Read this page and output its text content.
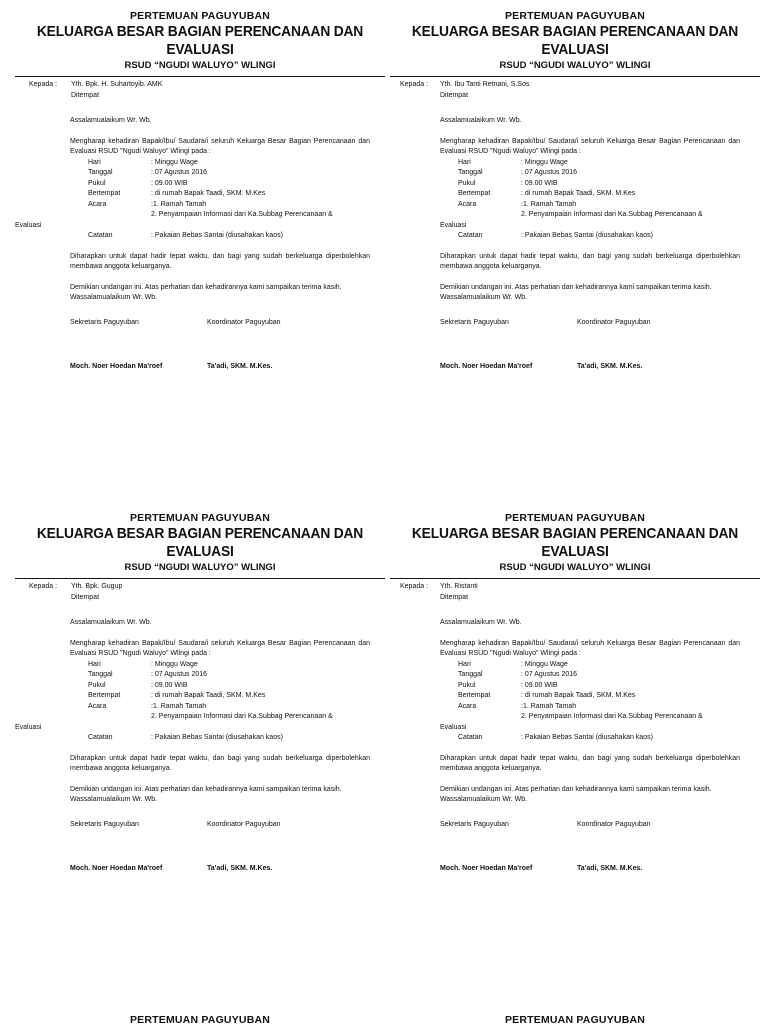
PERTEMUAN PAGUYUBAN
KELUARGA BESAR BAGIAN PERENCANAAN DAN EVALUASI
RSUD “NGUDI WALUYO” WLINGI
Kepada : Yth. Bpk. H. Suhartoyib. AMK
Ditempat
Assalamualaikum Wr. Wb.
Mengharap kehadiran Bapak/Ibu/ Saudara/i seluruh Keluarga Besar Bagian Perencanaan dan Evaluasi RSUD "Ngudi Waluyo" Wlingi pada :
Hari	: Minggu Wage
Tanggal	: 07 Agustus 2016
Pukul	: 09.00 WIB
Bertempat	: di rumah Bapak Taadi, SKM. M.Kes
Acara	:1. Ramah Tamah
2. Penyampaian Informasi dari Ka.Subbag Perencanaan &
Evaluasi
Catatan	: Pakaian Bebas Santai (diusahakan kaos)
Diharapkan untuk dapat hadir tepat waktu, dan bagi yang sudah berkeluarga diperbolehkan membawa anggota keluarganya.
Demikian undangan ini. Atas perhatian dan kehadirannya kami sampaikan terima kasih.
Wassalamualaikum Wr. Wb.
Sekretaris Paguyuban	Koordinator Paguyuban
Moch. Noer Hoedan Ma'roef	Ta'adi, SKM. M.Kes.
PERTEMUAN PAGUYUBAN
KELUARGA BESAR BAGIAN PERENCANAAN DAN EVALUASI
RSUD “NGUDI WALUYO” WLINGI
Kepada : Yth. Ibu Tanti Retnani, S.Sos
Ditempat
Assalamualaikum Wr. Wb.
Mengharap kehadiran Bapak/Ibu/ Saudara/i seluruh Keluarga Besar Bagian Perencanaan dan Evaluasi RSUD "Ngudi Waluyo" Wlingi pada :
Hari	: Minggu Wage
Tanggal	: 07 Agustus 2016
Pukul	: 09.00 WIB
Bertempat	: di rumah Bapak Taadi, SKM. M.Kes
Acara	:1. Ramah Tamah
2. Penyampaian Informasi dari Ka.Subbag Perencanaan &
Evaluasi
Catatan	: Pakaian Bebas Santai (diusahakan kaos)
Diharapkan untuk dapat hadir tepat waktu, dan bagi yang sudah berkeluarga diperbolehkan membawa anggota keluarganya.
Demikian undangan ini. Atas perhatian dan kehadirannya kami sampaikan terima kasih.
Wassalamualaikum Wr. Wb.
Sekretaris Paguyuban	Koordinator Paguyuban
Moch. Noer Hoedan Ma'roef	Ta'adi, SKM. M.Kes.
PERTEMUAN PAGUYUBAN
KELUARGA BESAR BAGIAN PERENCANAAN DAN EVALUASI
RSUD “NGUDI WALUYO” WLINGI
Kepada : Yth. Bpk. Gugup
Ditempat
Assalamualaikum Wr. Wb.
Mengharap kehadiran Bapak/Ibu/ Saudara/i seluruh Keluarga Besar Bagian Perencanaan dan Evaluasi RSUD "Ngudi Waluyo" Wlingi pada :
Hari	: Minggu Wage
Tanggal	: 07 Agustus 2016
Pukul	: 09.00 WIB
Bertempat	: di rumah Bapak Taadi, SKM. M.Kes
Acara	:1. Ramah Tamah
2. Penyampaian Informasi dari Ka.Subbag Perencanaan &
Evaluasi
Catatan	: Pakaian Bebas Santai (diusahakan kaos)
Diharapkan untuk dapat hadir tepat waktu, dan bagi yang sudah berkeluarga diperbolehkan membawa anggota keluarganya.
Demikian undangan ini. Atas perhatian dan kehadirannya kami sampaikan terima kasih.
Wassalamualaikum Wr. Wb.
Sekretaris Paguyuban	Koordinator Paguyuban
Moch. Noer Hoedan Ma'roef	Ta'adi, SKM. M.Kes.
PERTEMUAN PAGUYUBAN
KELUARGA BESAR BAGIAN PERENCANAAN DAN EVALUASI
RSUD “NGUDI WALUYO” WLINGI
Kepada : Yth. Ristanti
Ditempat
Assalamualaikum Wr. Wb.
Mengharap kehadiran Bapak/Ibu/ Saudara/i seluruh Keluarga Besar Bagian Perencanaan dan Evaluasi RSUD "Ngudi Waluyo" Wlingi pada :
Hari	: Minggu Wage
Tanggal	: 07 Agustus 2016
Pukul	: 09.00 WIB
Bertempat	: di rumah Bapak Taadi, SKM. M.Kes
Acara	:1. Ramah Tamah
2. Penyampaian Informasi dari Ka.Subbag Perencanaan &
Evaluasi
Catatan	: Pakaian Bebas Santai (diusahakan kaos)
Diharapkan untuk dapat hadir tepat waktu, dan bagi yang sudah berkeluarga diperbolehkan membawa anggota keluarganya.
Demikian undangan ini. Atas perhatian dan kehadirannya kami sampaikan terima kasih.
Wassalamualaikum Wr. Wb.
Sekretaris Paguyuban	Koordinator Paguyuban
Moch. Noer Hoedan Ma'roef	Ta'adi, SKM. M.Kes.
PERTEMUAN PAGUYUBAN	PERTEMUAN PAGUYUBAN
